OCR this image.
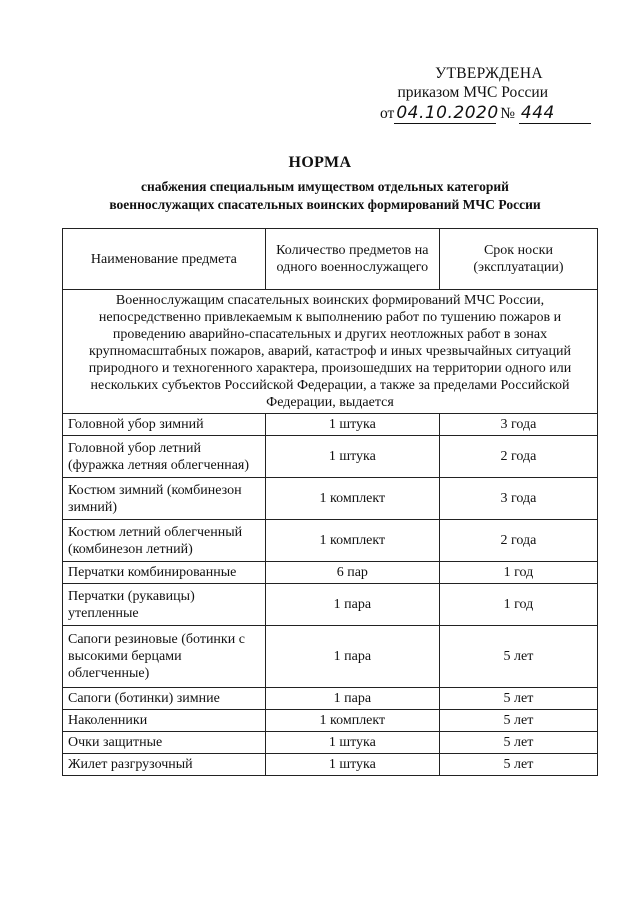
УТВЕРЖДЕНА
приказом МЧС России
от 04.10.2020 № 444
НОРМА
снабжения специальным имуществом отдельных категорий
военнослужащих спасательных воинских формирований МЧС России
Наименование предмета	Количество предметов на одного военнослужащего	Срок носки (эксплуатации)
Военнослужащим спасательных воинских формирований МЧС России, непосредственно привлекаемым к выполнению работ по тушению пожаров и проведению аварийно-спасательных и других неотложных работ в зонах крупномасштабных пожаров, аварий, катастроф и иных чрезвычайных ситуаций природного и техногенного характера, произошедших на территории одного или нескольких субъектов Российской Федерации, а также за пределами Российской Федерации, выдается		
Головной убор зимний	1 штука	3 года
Головной убор летний (фуражка летняя облегченная)	1 штука	2 года
Костюм зимний (комбинезон зимний)	1 комплект	3 года
Костюм летний облегченный (комбинезон летний)	1 комплект	2 года
Перчатки комбинированные	6 пар	1 год
Перчатки (рукавицы) утепленные	1 пара	1 год
Сапоги резиновые (ботинки с высокими берцами облегченные)	1 пара	5 лет
Сапоги (ботинки) зимние	1 пара	5 лет
Наколенники	1 комплект	5 лет
Очки защитные	1 штука	5 лет
Жилет разгрузочный	1 штука	5 лет
